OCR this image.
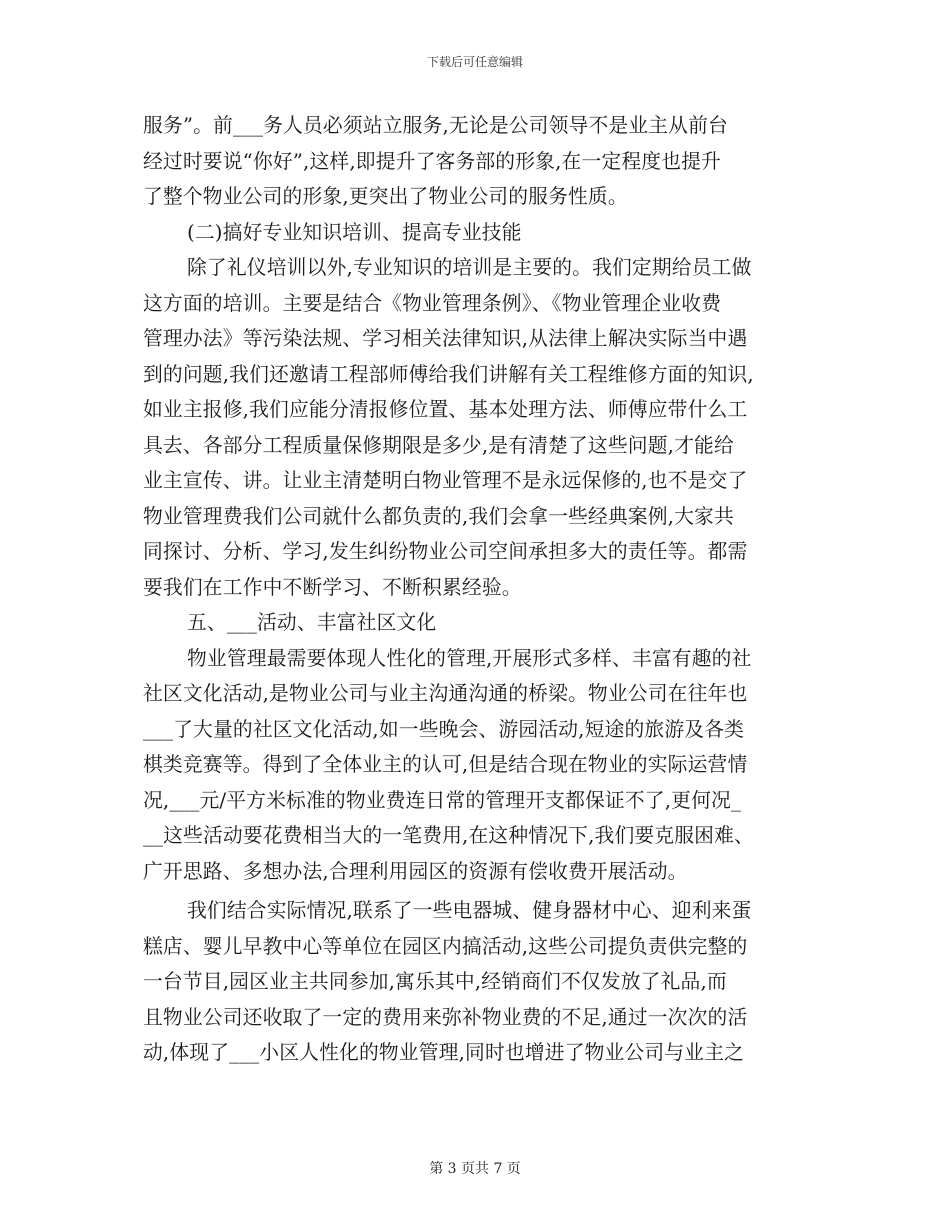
下载后可任意编辑
服务”。前___务人员必须站立服务,无论是公司领导不是业主从前台
经过时要说“你好”,这样,即提升了客务部的形象,在一定程度也提升
了整个物业公司的形象,更突出了物业公司的服务性质。
(二)搞好专业知识培训、提高专业技能
除了礼仪培训以外,专业知识的培训是主要的。我们定期给员工做
这方面的培训。主要是结合《物业管理条例》、《物业管理企业收费
管理办法》等污染法规、学习相关法律知识,从法律上解决实际当中遇
到的问题,我们还邀请工程部师傅给我们讲解有关工程维修方面的知识,
如业主报修,我们应能分清报修位置、基本处理方法、师傅应带什么工
具去、各部分工程质量保修期限是多少,是有清楚了这些问题,才能给
业主宣传、讲。让业主清楚明白物业管理不是永远保修的,也不是交了
物业管理费我们公司就什么都负责的,我们会拿一些经典案例,大家共
同探讨、分析、学习,发生纠纷物业公司空间承担多大的责任等。都需
要我们在工作中不断学习、不断积累经验。
五、___活动、丰富社区文化
物业管理最需要体现人性化的管理,开展形式多样、丰富有趣的社
社区文化活动,是物业公司与业主沟通沟通的桥梁。物业公司在往年也
___了大量的社区文化活动,如一些晚会、游园活动,短途的旅游及各类
棋类竞赛等。得到了全体业主的认可,但是结合现在物业的实际运营情
况,___元/平方米标准的物业费连日常的管理开支都保证不了,更何况_
__这些活动要花费相当大的一笔费用,在这种情况下,我们要克服困难、
广开思路、多想办法,合理利用园区的资源有偿收费开展活动。
我们结合实际情况,联系了一些电器城、健身器材中心、迎利来蛋
糕店、婴儿早教中心等单位在园区内搞活动,这些公司提负责供完整的
一台节目,园区业主共同参加,寓乐其中,经销商们不仅发放了礼品,而
且物业公司还收取了一定的费用来弥补物业费的不足,通过一次次的活
动,体现了___小区人性化的物业管理,同时也增进了物业公司与业主之
第 3 页共 7 页
